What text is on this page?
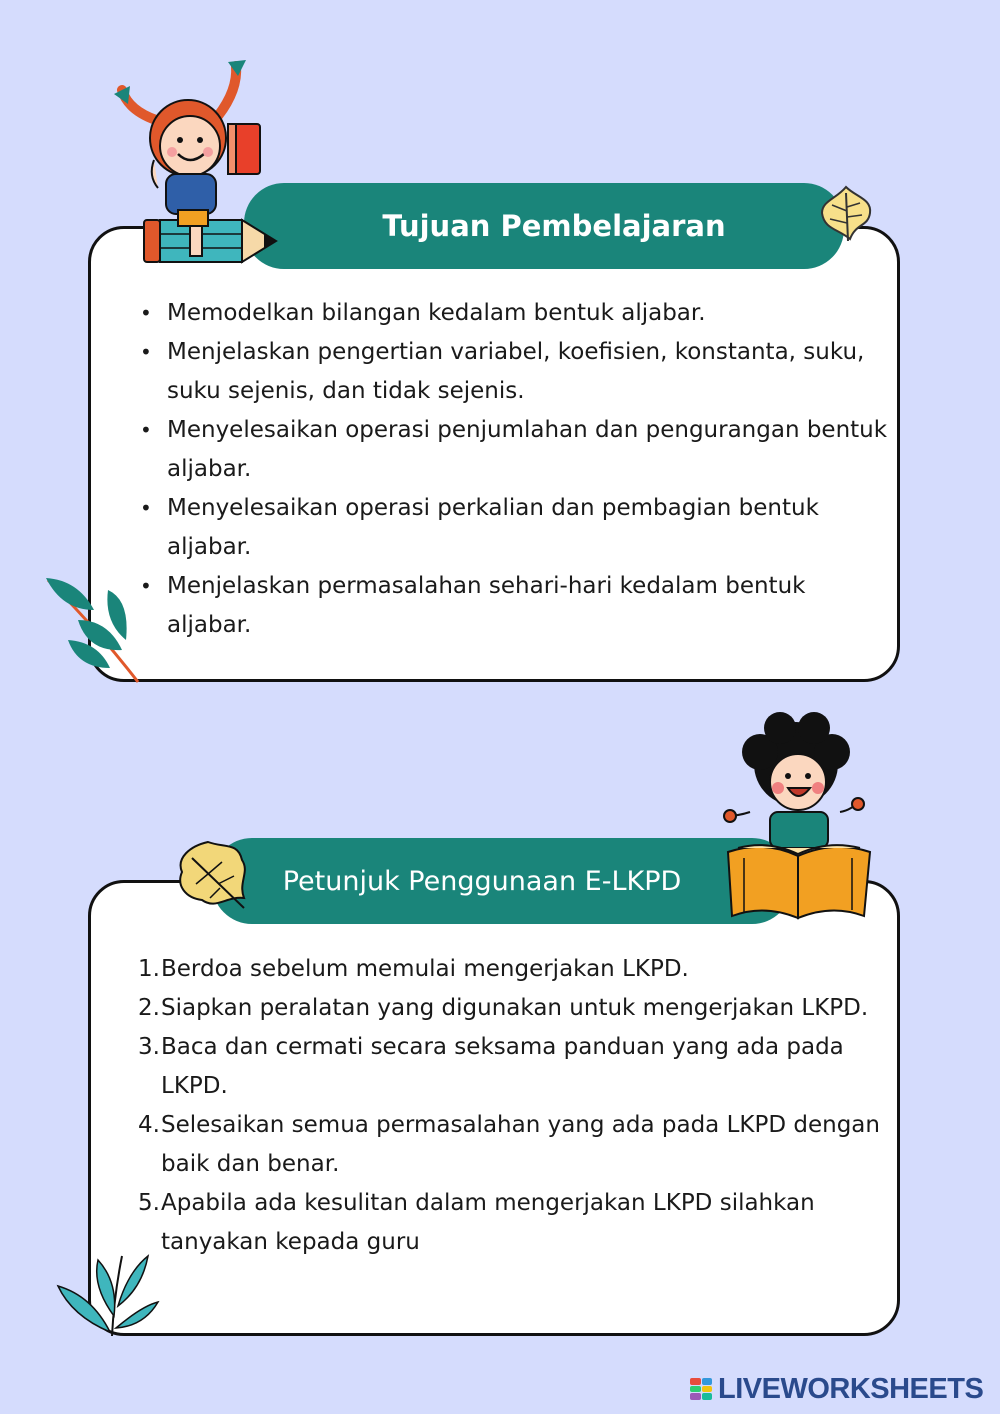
Tujuan Pembelajaran
• Memodelkan bilangan kedalam bentuk aljabar.
• Menjelaskan pengertian variabel, koefisien, konstanta, suku, suku sejenis, dan tidak sejenis.
• Menyelesaikan operasi penjumlahan dan pengurangan bentuk aljabar.
• Menyelesaikan operasi perkalian dan pembagian bentuk aljabar.
• Menjelaskan permasalahan sehari-hari kedalam bentuk aljabar.
Petunjuk Penggunaan E-LKPD
1. Berdoa sebelum memulai mengerjakan LKPD.
2. Siapkan peralatan yang digunakan untuk mengerjakan LKPD.
3. Baca dan cermati secara seksama panduan yang ada pada LKPD.
4. Selesaikan semua permasalahan yang ada pada LKPD dengan baik dan benar.
5. Apabila ada kesulitan dalam mengerjakan LKPD silahkan tanyakan kepada guru
LIVEWORKSHEETS
